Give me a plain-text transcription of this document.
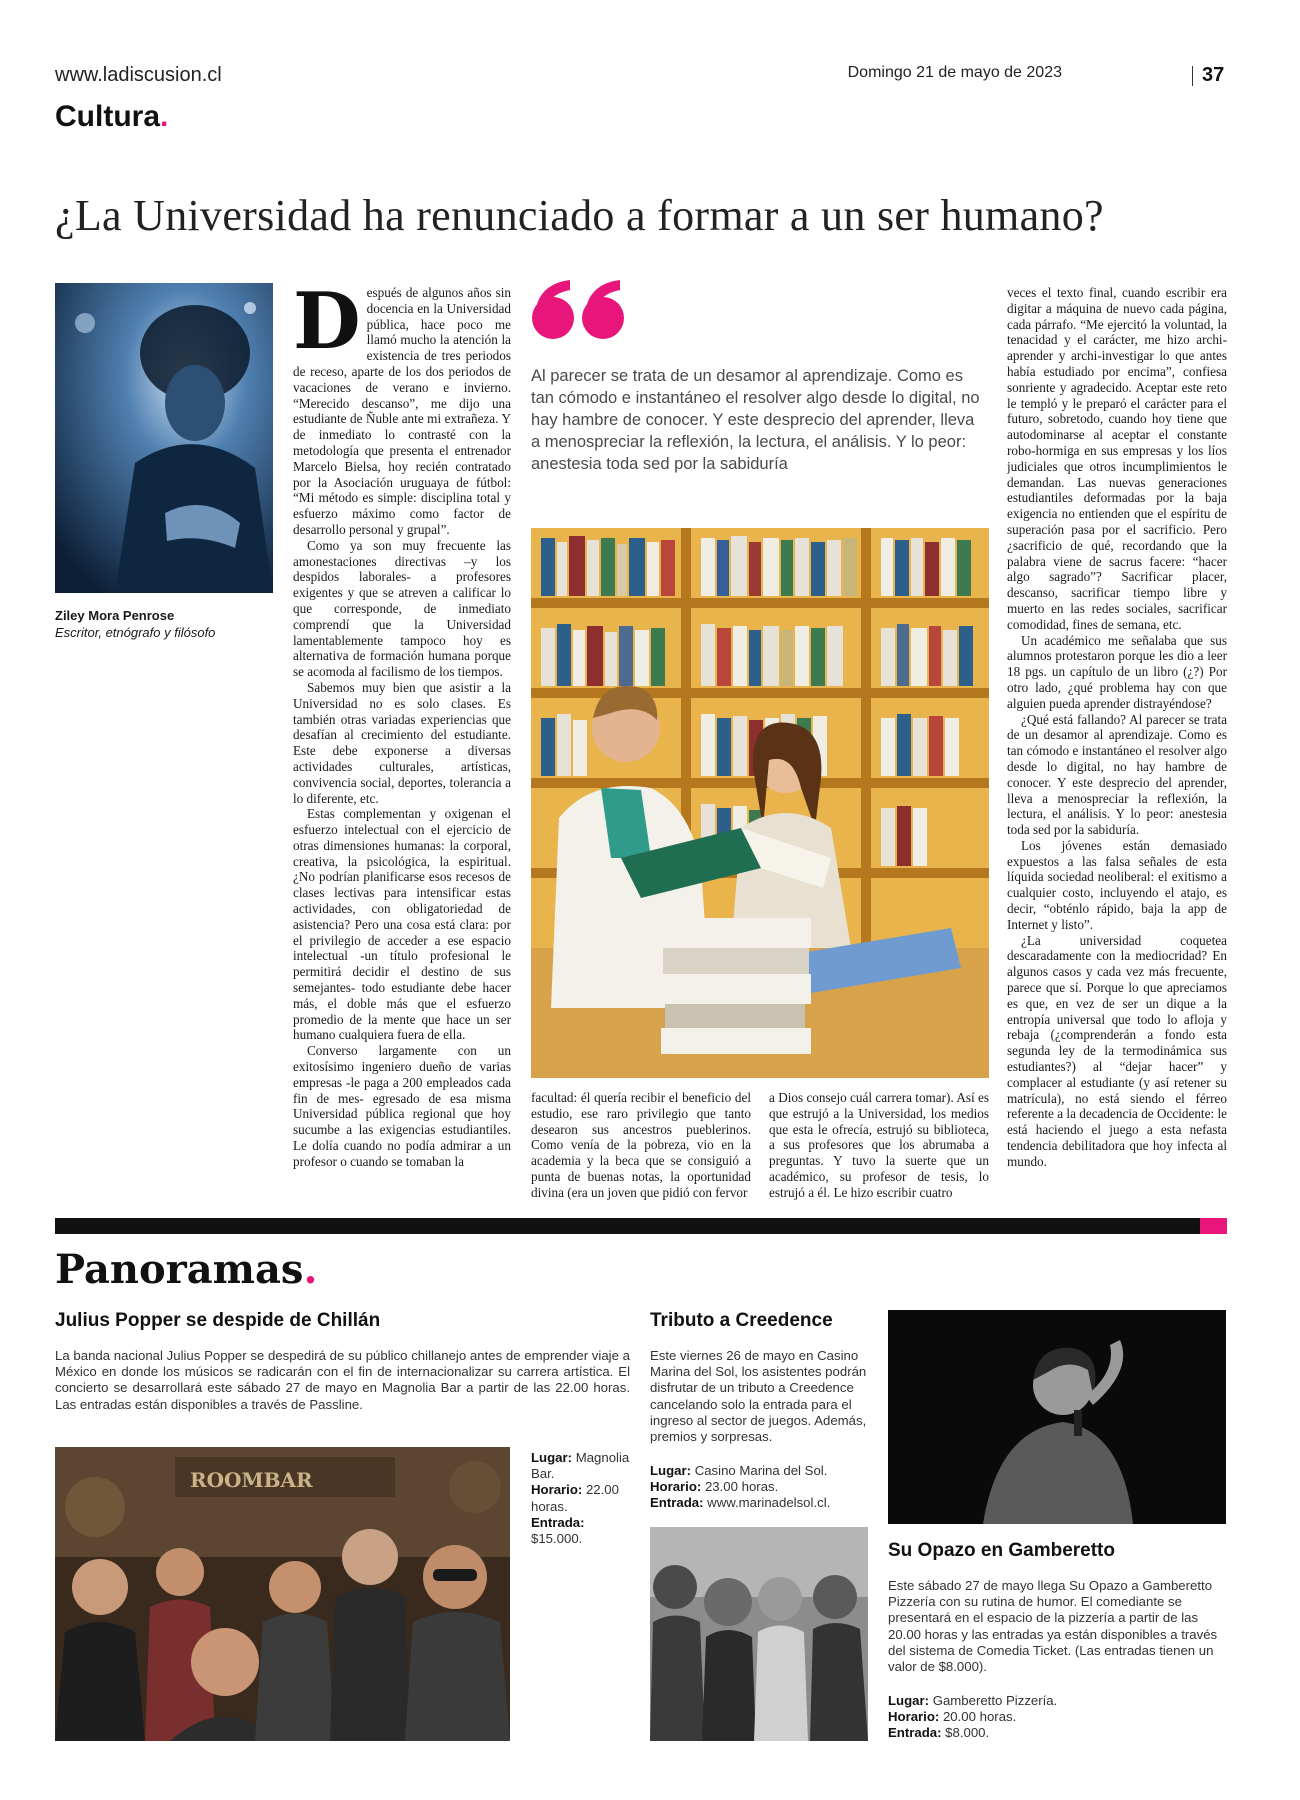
www.ladiscusion.cl	Domingo 21 de mayo de 2023	37
Cultura.
¿La Universidad ha renunciado a formar a un ser humano?
Ziley Mora Penrose
Escritor, etnógrafo y filósofo

Después de algunos años sin docencia en la Universidad pública, hace poco me llamó mucho la atención la existencia de tres periodos de receso, aparte de los dos periodos de vacaciones de verano e invierno. “Merecido descanso”, me dijo una estudiante de Ñuble ante mi extrañeza. Y de inmediato lo contrasté con la metodología que presenta el entrenador Marcelo Bielsa, hoy recién contratado por la Asociación uruguaya de fútbol: “Mi método es simple: disciplina total y esfuerzo máximo como factor de desarrollo personal y grupal”.

Como ya son muy frecuente las amonestaciones directivas –y los despidos laborales- a profesores exigentes y que se atreven a calificar lo que corresponde, de inmediato comprendí que la Universidad lamentablemente tampoco hoy es alternativa de formación humana porque se acomoda al facilismo de los tiempos.

Sabemos muy bien que asistir a la Universidad no es solo clases. Es también otras variadas experiencias que desafían al crecimiento del estudiante. Este debe exponerse a diversas actividades culturales, artísticas, convivencia social, deportes, tolerancia a lo diferente, etc.

Estas complementan y oxigenan el esfuerzo intelectual con el ejercicio de otras dimensiones humanas: la corporal, creativa, la psicológica, la espiritual. ¿No podrían planificarse esos recesos de clases lectivas para intensificar estas actividades, con obligatoriedad de asistencia? Pero una cosa está clara: por el privilegio de acceder a ese espacio intelectual -un título profesional le permitirá decidir el destino de sus semejantes- todo estudiante debe hacer más, el doble más que el esfuerzo promedio de la mente que hace un ser humano cualquiera fuera de ella.

Converso largamente con un exitosísimo ingeniero dueño de varias empresas -le paga a 200 empleados cada fin de mes- egresado de esa misma Universidad pública regional que hoy sucumbe a las exigencias estudiantiles. Le dolía cuando no podía admirar a un profesor o cuando se tomaban la

Al parecer se trata de un desamor al aprendizaje. Como es tan cómodo e instantáneo el resolver algo desde lo digital, no hay hambre de conocer. Y este desprecio del aprender, lleva a menospreciar la reflexión, la lectura, el análisis. Y lo peor: anestesia toda sed por la sabiduría

facultad: él quería recibir el beneficio del estudio, ese raro privilegio que tanto desearon sus ancestros pueblerinos. Como venía de la pobreza, vio en la academia y la beca que se consiguió a punta de buenas notas, la oportunidad divina (era un joven que pidió con fervor

a Dios consejo cuál carrera tomar). Así es que estrujó a la Universidad, los medios que esta le ofrecía, estrujó su biblioteca, a sus profesores que los abrumaba a preguntas. Y tuvo la suerte que un académico, su profesor de tesis, lo estrujó a él. Le hizo escribir cuatro

veces el texto final, cuando escribir era digitar a máquina de nuevo cada página, cada párrafo. “Me ejercitó la voluntad, la tenacidad y el carácter, me hizo archi-aprender y archi-investigar lo que antes había estudiado por encima”, confiesa sonriente y agradecido. Aceptar este reto le templó y le preparó el carácter para el futuro, sobretodo, cuando hoy tiene que autodominarse al aceptar el constante robo-hormiga en sus empresas y los líos judiciales que otros incumplimientos le demandan. Las nuevas generaciones estudiantiles deformadas por la baja exigencia no entienden que el espíritu de superación pasa por el sacrificio. Pero ¿sacrificio de qué, recordando que la palabra viene de sacrus facere: “hacer algo sagrado”? Sacrificar placer, descanso, sacrificar tiempo libre y muerto en las redes sociales, sacrificar comodidad, fines de semana, etc.

Un académico me señalaba que sus alumnos protestaron porque les dio a leer 18 pgs. un capítulo de un libro (¿?) Por otro lado, ¿qué problema hay con que alguien pueda aprender distrayéndose?

¿Qué está fallando? Al parecer se trata de un desamor al aprendizaje. Como es tan cómodo e instantáneo el resolver algo desde lo digital, no hay hambre de conocer. Y este desprecio del aprender, lleva a menospreciar la reflexión, la lectura, el análisis. Y lo peor: anestesia toda sed por la sabiduría.

Los jóvenes están demasiado expuestos a las falsa señales de esta líquida sociedad neoliberal: el exitismo a cualquier costo, incluyendo el atajo, es decir, “obténlo rápido, baja la app de Internet y listo”.

¿La universidad coquetea descaradamente con la mediocridad? En algunos casos y cada vez más frecuente, parece que sí. Porque lo que apreciamos es que, en vez de ser un dique a la entropía universal que todo lo afloja y rebaja (¿comprenderán a fondo esta segunda ley de la termodinámica sus estudiantes?) al “dejar hacer” y complacer al estudiante (y así retener su matrícula), no está siendo el férreo referente a la decadencia de Occidente: le está haciendo el juego a esta nefasta tendencia debilitadora que hoy infecta al mundo.

Panoramas.
Julius Popper se despide de Chillán
La banda nacional Julius Popper se despedirá de su público chillanejo antes de emprender viaje a México en donde los músicos se radicarán con el fin de internacionalizar su carrera artística. El concierto se desarrollará este sábado 27 de mayo en Magnolia Bar a partir de las 22.00 horas. Las entradas están disponibles a través de Passline.
ROOMBAR
Lugar: Magnolia Bar.
Horario: 22.00 horas.
Entrada:
$15.000.
Tributo a Creedence
Este viernes 26 de mayo en Casino Marina del Sol, los asistentes podrán disfrutar de un tributo a Creedence cancelando solo la entrada para el ingreso al sector de juegos. Además, premios y sorpresas.
Lugar: Casino Marina del Sol.
Horario: 23.00 horas.
Entrada: www.marinadelsol.cl.
Su Opazo en Gamberetto
Este sábado 27 de mayo llega Su Opazo a Gamberetto Pizzería con su rutina de humor. El comediante se presentará en el espacio de la pizzería a partir de las 20.00 horas y las entradas ya están disponibles a través del sistema de Comedia Ticket. (Las entradas tienen un valor de $8.000).
Lugar: Gamberetto Pizzería.
Horario: 20.00 horas.
Entrada: $8.000.
